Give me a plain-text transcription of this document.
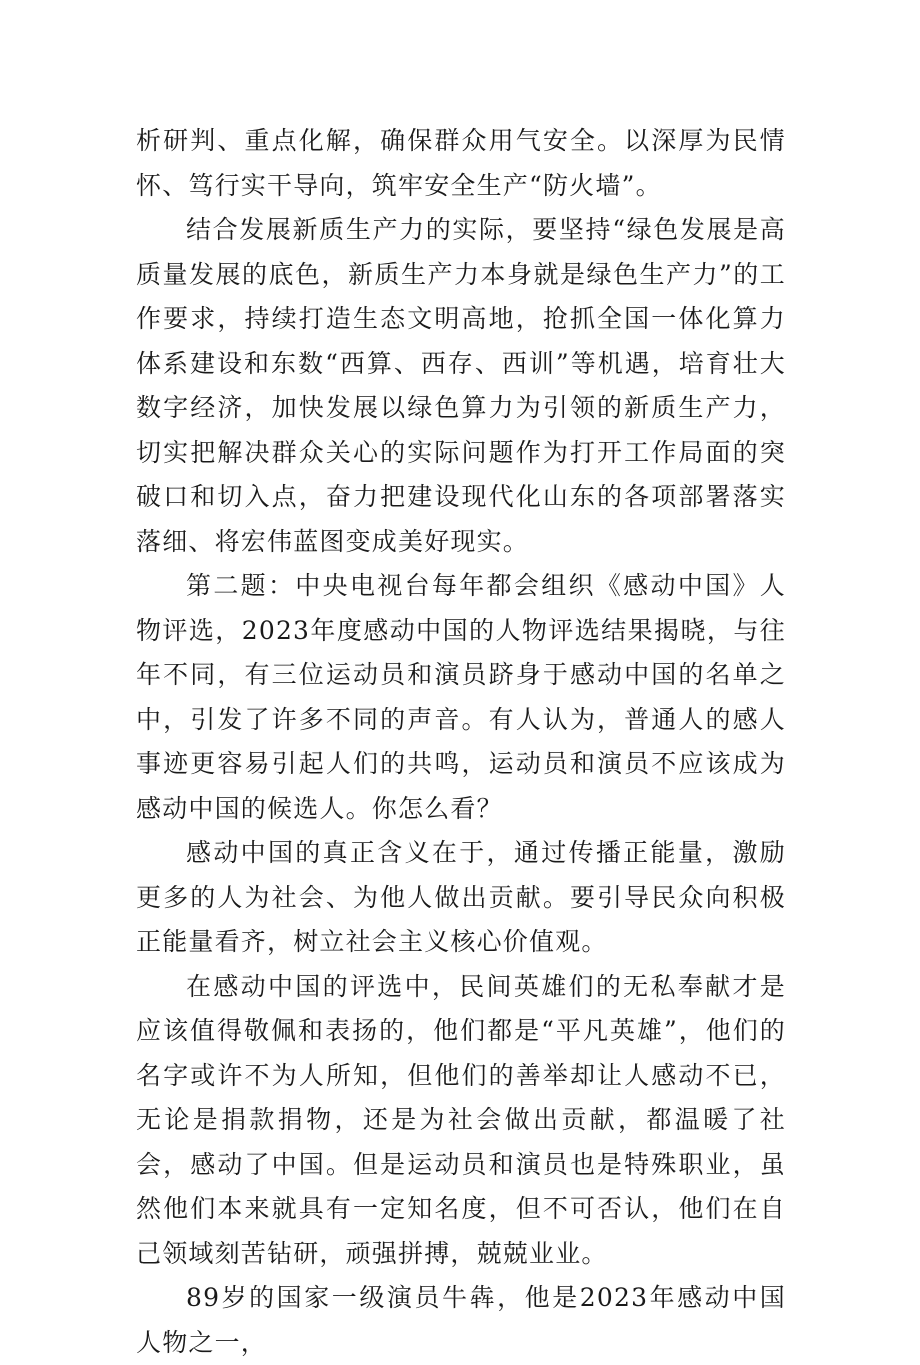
析研判、重点化解，确保群众用气安全。以深厚为民情怀、笃行实干导向，筑牢安全生产“防火墙”。

结合发展新质生产力的实际，要坚持“绿色发展是高质量发展的底色，新质生产力本身就是绿色生产力”的工作要求，持续打造生态文明高地，抢抓全国一体化算力体系建设和东数“西算、西存、西训”等机遇，培育壮大数字经济，加快发展以绿色算力为引领的新质生产力，切实把解决群众关心的实际问题作为打开工作局面的突破口和切入点，奋力把建设现代化山东的各项部署落实落细、将宏伟蓝图变成美好现实。

第二题：中央电视台每年都会组织《感动中国》人物评选，2023年度感动中国的人物评选结果揭晓，与往年不同，有三位运动员和演员跻身于感动中国的名单之中，引发了许多不同的声音。有人认为，普通人的感人事迹更容易引起人们的共鸣，运动员和演员不应该成为感动中国的候选人。你怎么看？

感动中国的真正含义在于，通过传播正能量，激励更多的人为社会、为他人做出贡献。要引导民众向积极正能量看齐，树立社会主义核心价值观。

在感动中国的评选中，民间英雄们的无私奉献才是应该值得敬佩和表扬的，他们都是“平凡英雄”，他们的名字或许不为人所知，但他们的善举却让人感动不已，无论是捐款捐物，还是为社会做出贡献，都温暖了社会，感动了中国。但是运动员和演员也是特殊职业，虽然他们本来就具有一定知名度，但不可否认，他们在自己领域刻苦钻研，顽强拼搏，兢兢业业。

89岁的国家一级演员牛犇，他是2023年感动中国人物之一，
